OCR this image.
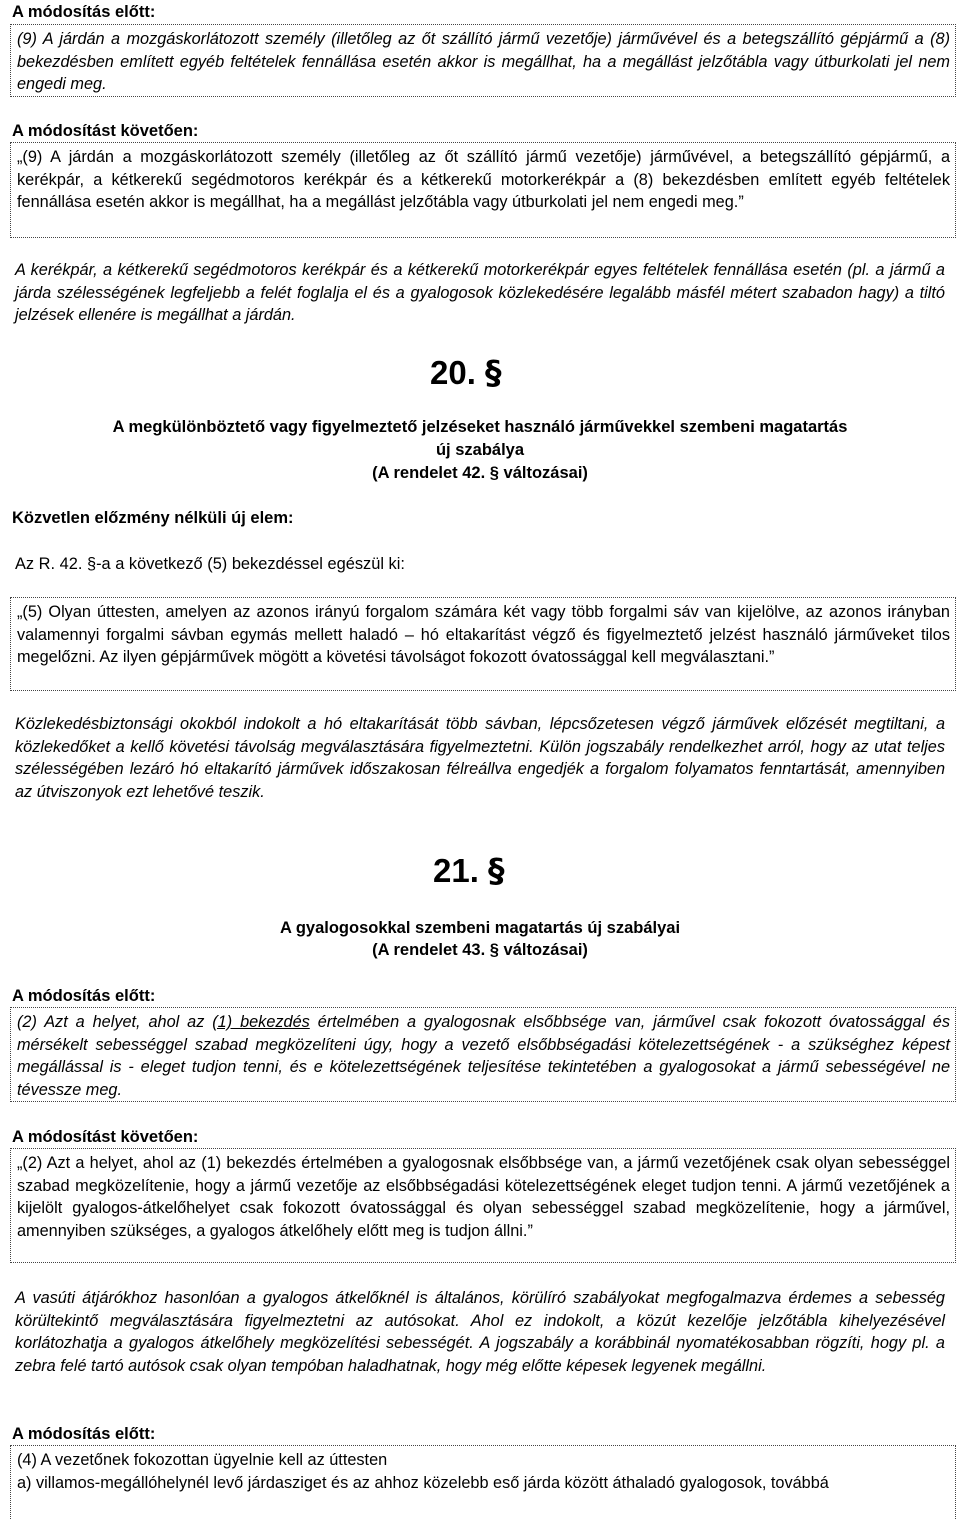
A módosítás előtt:

(9) A járdán a mozgáskorlátozott személy (illetőleg az őt szállító jármű vezetője) járművével és a betegszállító gépjármű a (8) bekezdésben említett egyéb feltételek fennállása esetén akkor is megállhat, ha a megállást jelzőtábla vagy útburkolati jel nem engedi meg.

A módosítást követően:

„(9) A járdán a mozgáskorlátozott személy (illetőleg az őt szállító jármű vezetője) járművével, a betegszállító gépjármű, a kerékpár, a kétkerekű segédmotoros kerékpár és a kétkerekű motorkerékpár a (8) bekezdésben említett egyéb feltételek fennállása esetén akkor is megállhat, ha a megállást jelzőtábla vagy útburkolati jel nem engedi meg.”

A kerékpár, a kétkerekű segédmotoros kerékpár és a kétkerekű motorkerékpár egyes feltételek fennállása esetén (pl. a jármű a járda szélességének legfeljebb a felét foglalja el és a gyalogosok közlekedésére legalább másfél métert szabadon hagy) a tiltó jelzések ellenére is megállhat a járdán.

20. §
A megkülönböztető vagy figyelmeztető jelzéseket használó járművekkel szembeni magatartás
új szabálya
(A rendelet 42. § változásai)
Közvetlen előzmény nélküli új elem:
Az R. 42. §-a a következő (5) bekezdéssel egészül ki:

„(5) Olyan úttesten, amelyen az azonos irányú forgalom számára két vagy több forgalmi sáv van kijelölve, az azonos irányban valamennyi forgalmi sávban egymás mellett haladó – hó eltakarítást végző és figyelmeztető jelzést használó járműveket tilos megelőzni. Az ilyen gépjárművek mögött a követési távolságot fokozott óvatossággal kell megválasztani.”

Közlekedésbiztonsági okokból indokolt a hó eltakarítását több sávban, lépcsőzetesen végző járművek előzését megtiltani, a közlekedőket a kellő követési távolság megválasztására figyelmeztetni. Külön jogszabály rendelkezhet arról, hogy az utat teljes szélességében lezáró hó eltakarító járművek időszakosan félreállva engedjék a forgalom folyamatos fenntartását, amennyiben az útviszonyok ezt lehetővé teszik.

21. §
A gyalogosokkal szembeni magatartás új szabályai
(A rendelet 43. § változásai)
A módosítás előtt:

(2) Azt a helyet, ahol az (1) bekezdés értelmében a gyalogosnak elsőbbsége van, járművel csak fokozott óvatossággal és mérsékelt sebességgel szabad megközelíteni úgy, hogy a vezető elsőbbségadási kötelezettségének - a szükséghez képest megállással is - eleget tudjon tenni, és e kötelezettségének teljesítése tekintetében a gyalogosokat a jármű sebességével ne tévessze meg.

A módosítást követően:

„(2) Azt a helyet, ahol az (1) bekezdés értelmében a gyalogosnak elsőbbsége van, a jármű vezetőjének csak olyan sebességgel szabad megközelítenie, hogy a jármű vezetője az elsőbbségadási kötelezettségének eleget tudjon tenni. A jármű vezetőjének a kijelölt gyalogos-átkelőhelyet csak fokozott óvatossággal és olyan sebességgel szabad megközelítenie, hogy a járművel, amennyiben szükséges, a gyalogos átkelőhely előtt meg is tudjon állni.”

A vasúti átjárókhoz hasonlóan a gyalogos átkelőknél is általános, körülíró szabályokat megfogalmazva érdemes a sebesség körültekintő megválasztására figyelmeztetni az autósokat. Ahol ez indokolt, a közút kezelője jelzőtábla kihelyezésével korlátozhatja a gyalogos átkelőhely megközelítési sebességét. A jogszabály a korábbinál nyomatékosabban rögzíti, hogy pl. a zebra felé tartó autósok csak olyan tempóban haladhatnak, hogy még előtte képesek legyenek megállni.

A módosítás előtt:

(4) A vezetőnek fokozottan ügyelnie kell az úttesten

a) villamos-megállóhelynél levő járdasziget és az ahhoz közelebb eső járda között áthaladó gyalogosok, továbbá
